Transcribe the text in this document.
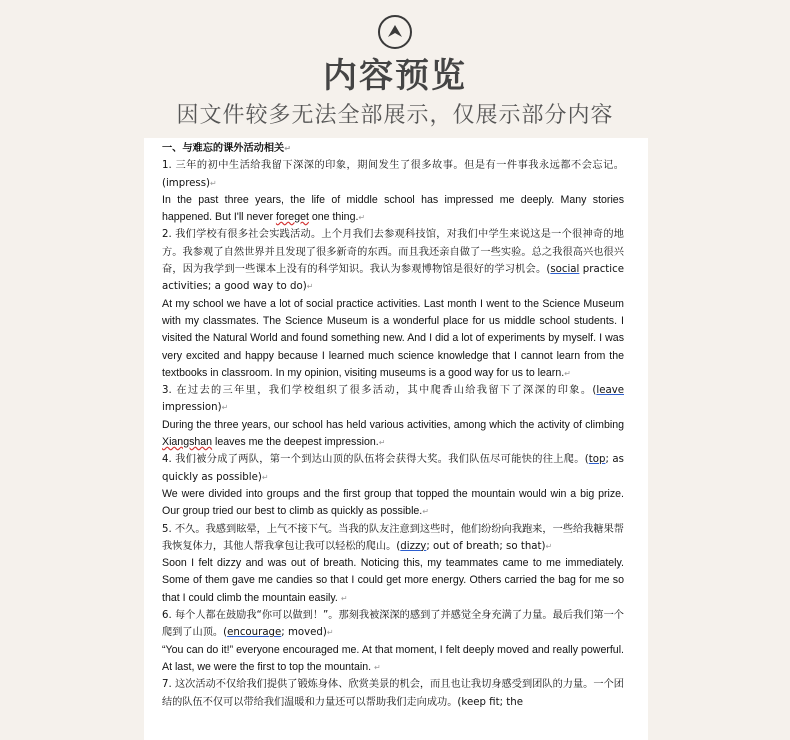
内容预览
因文件较多无法全部展示，仅展示部分内容

一、与难忘的课外活动相关↵

1. 三年的初中生活给我留下深深的印象，期间发生了很多故事。但是有一件事我永远都不会忘记。(impress)↵

In the past three years, the life of middle school has impressed me deeply. Many stories happened. But I'll never foreget one thing.↵

2. 我们学校有很多社会实践活动。上个月我们去参观科技馆，对我们中学生来说这是一个很神奇的地方。我参观了自然世界并且发现了很多新奇的东西。而且我还亲自做了一些实验。总之我很高兴也很兴奋，因为我学到一些课本上没有的科学知识。我认为参观博物馆是很好的学习机会。(social practice activities; a good way to do)↵

At my school we have a lot of social practice activities. Last month I went to the Science Museum with my classmates. The Science Museum is a wonderful place for us middle school students. I visited the Natural World and found something new. And I did a lot of experiments by myself. I was very excited and happy because I learned much science knowledge that I cannot learn from the textbooks in classroom. In my opinion, visiting museums is a good way for us to learn.↵

3. 在过去的三年里，我们学校组织了很多活动，其中爬香山给我留下了深深的印象。(leave impression)↵

During the three years, our school has held various activities, among which the activity of climbing Xiangshan leaves me the deepest impression.↵

4. 我们被分成了两队，第一个到达山顶的队伍将会获得大奖。我们队伍尽可能快的往上爬。(top; as quickly as possible)↵

We were divided into groups and the first group that topped the mountain would win a big prize. Our group tried our best to climb as quickly as possible.↵

5. 不久。我感到眩晕，上气不接下气。当我的队友注意到这些时，他们纷纷向我跑来，一些给我糖果帮我恢复体力，其他人帮我拿包让我可以轻松的爬山。(dizzy; out of breath; so that)↵

Soon I felt dizzy and was out of breath. Noticing this, my teammates came to me immediately. Some of them gave me candies so that I could get more energy. Others carried the bag for me so that I could climb the mountain easily. ↵

6. 每个人都在鼓励我“你可以做到！”。那刻我被深深的感到了并感觉全身充满了力量。最后我们第一个爬到了山顶。(encourage; moved)↵

“You can do it!” everyone encouraged me. At that moment, I felt deeply moved and really powerful. At last, we were the first to top the mountain. ↵

7. 这次活动不仅给我们提供了锻炼身体、欣赏美景的机会，而且也让我切身感受到团队的力量。一个团结的队伍不仅可以带给我们温暖和力量还可以帮助我们走向成功。(keep fit; the
